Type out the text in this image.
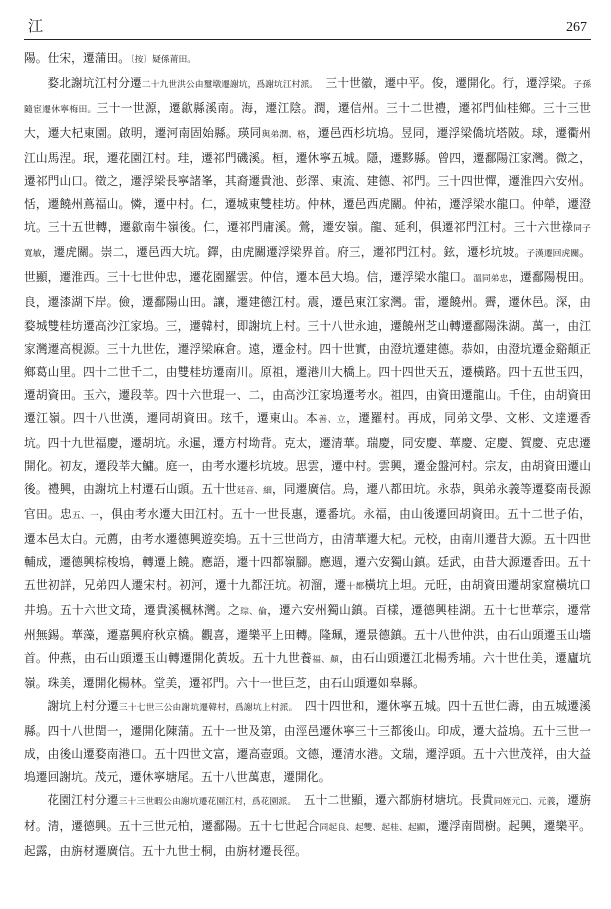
江	267

陽。仕宋，遷蒲田。〔按〕疑係莆田。

婺北謝坑江村分遷二十九世洪公由璽墩遷謝坑，爲謝坑江村派。　三十世徽，遷中平。俊，遷開化。行，遷浮梁。子孫隨宦遷休寧梅田。三十一世源，遷歙縣溪南。海，遷江陰。潤，遷信州。三十二世禮，遷祁門仙桂鄉。三十三世大，遷大杞東園。啟明，遷河南固始縣。瑛同與弟潤、格，遷邑西杉坑塢。昱同，遷浮梁僑坑塔陂。球，遷衢州江山馬涅。珉，遷花園江村。珪，遷祁門磯溪。桓，遷休寧五城。隱，遷黟縣。曾四，遷鄱陽江家灣。微之，遷祁門山口。徵之，遷浮梁長寧諸峯，其裔遷貴池、彭澤、東流、建德、祁門。三十四世憚，遷淮四六安州。恬，遷饒州蔦福山。憐，遷中村。仁，遷城東雙桂坊。仲林，遷邑西虎關。仲祐，遷浮梁水龍口。仲犖，遷澄坑。三十五世轉，遷歙南牛嶺後。仁，遷祁門庸溪。鶯，遷安嶺。龍、延利，俱遷祁門江村。三十六世祿同子寬敏，遷虎關。崇二，遷邑西大坑。鐸，由虎關遷浮梁界首。府三，遷祁門江村。鉉，遷杉坑坡。子漢遷回虎關。世顯，遷淮西。三十七世仲忠，遷花園羅雲。仲信，遷本邑大塢。信，遷浮梁水龍口。溫同弟忠，遷鄱陽梘田。良，遷漆湖下岸。儉，遷鄱陽山田。讓，遷建德江村。震，遷邑東江家灣。雷，遷饒州。霽，遷休邑。深，由婺城雙桂坊遷高沙江家塢。三，遷韓村，即謝坑上村。三十八世永迪，遷饒州芝山轉遷鄱陽洙湖。萬一，由江家灣遷高梘源。三十九世佐，遷浮梁麻倉。遠，遷金村。四十世實，由澄坑遷建德。恭如，由澄坑遷金谿顛正鄉葛山里。四十二世千二，由雙桂坊遷南川。原祖，遷港川大橋上。四十四世天五，遷橫路。四十五世玉四，遷胡資田。玉六，遷段莘。四十六世琨一、二，由高沙江家塢遷考水。祖四，由資田遷龍山。千住，由胡資田遷江嶺。四十八世漢，遷同胡資田。玹千，遷東山。本善、立，遷羅村。再成，同弟文學、文彬、文達遷香坑。四十九世福慶，遷胡坑。永暹，遷方村坳背。克太，遷清華。瑞慶，同安慶、華慶、定慶、賀慶、克忠遷開化。初友，遷段莘大鱅。庭一，由考水遷杉坑坡。思雲，遷中村。雲興，遷金盤河村。宗友，由胡資田遷山後。禮興，由謝坑上村遷石山頭。五十世廷音、細，同遷廣信。烏，遷八都田坑。永恭，與弟永義等遷婺南長源官田。忠五、一，俱由考水遷大田江村。五十一世長惠，遷番坑。永福，由山後遷回胡資田。五十二世子佑，遷本邑太白。元薦，由考水遷德興遊奕塢。五十三世尚方，由清華遷大杞。元校，由南川遷昔大源。五十四世輔成，遷德興棕梭塢，轉遷上饒。應語，遷十四都嶺腳。應週，遷六安獨山鎮。廷武，由昔大源遷香田。五十五世初詳，兄弟四人遷宋村。初河，遷十九都汪坑。初溜，遷十都橫坑上坦。元旺，由胡資田遷胡家窟橫坑口井塢。五十六世文琦，遷貴溪楓林灣。之琮、倫，遷六安州獨山鎮。百樣，遷德興桂湖。五十七世華宗，遷常州無錫。華藻，遷嘉興府秋京橋。觀喜，遷樂平上田轉。隆珮，遷景德鎮。五十八世仲洪，由石山頭遷玉山墻首。仲燕，由石山頭遷玉山轉遷開化黃坂。五十九世養福、顏，由石山頭遷江北楊秀埔。六十世仕美，遷廬坑嶺。珠美，遷開化楊林。堂美，遷祁門。六十一世巨芝，由石山頭遷如皋縣。

謝坑上村分遷三十七世三公由謝坑遷韓村，爲謝坑上村派。　四十四世和，遷休寧五城。四十五世仁壽，由五城遷溪縣。四十八世閏一，遷開化陳蒲。五十一世及第，由涇邑遷休寧三十三都後山。印成，遷大益塢。五十三世一成，由後山遷婺南港口。五十四世文富，遷高壺頭。文德，遷清水港。文瑞，遷浮頭。五十六世茂祥，由大益塢遷回謝坑。茂元，遷休寧塘尾。五十八世萬恵，遷開化。

花園江村分遷三十三世暇公由謝坑遷花園江村，爲花園派。　五十二世顯，遷六都旃材塘坑。長貴同姪元□、元義，遷旃材。清，遷德興。五十三世元柏，遷鄱陽。五十七世起合同起良、起雙、起桂、起顯，遷浮南間樹。起興，遷樂平。起露，由旃材遷廣信。五十九世士桐，由旃材遷長徑。
